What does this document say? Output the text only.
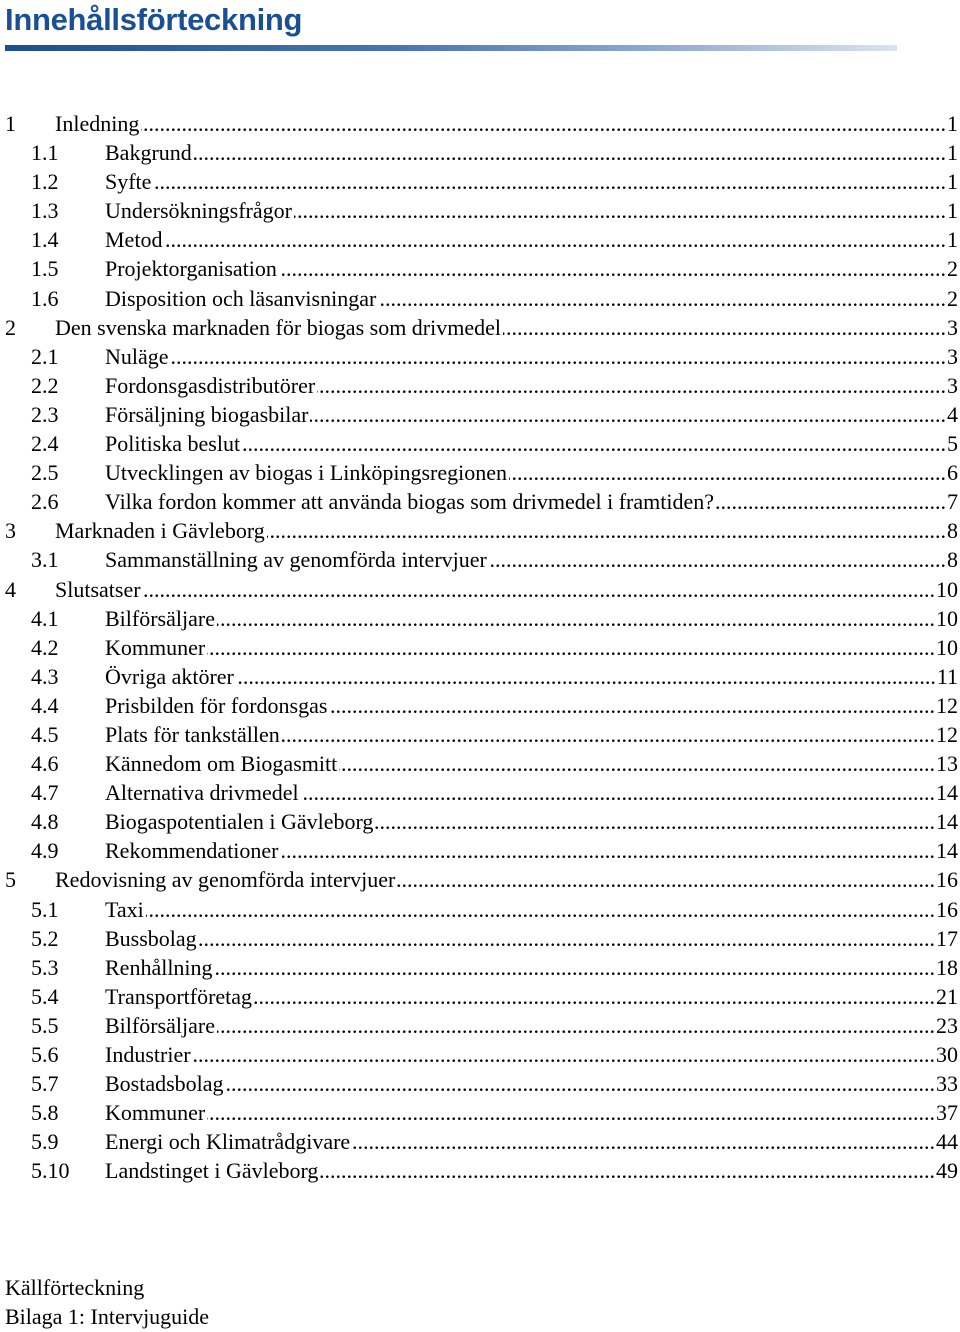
Innehållsförteckning
1 Inledning .....	1
1.1 Bakgrund .....	1
1.2 Syfte .....	1
1.3 Undersökningsfrågor .....	1
1.4 Metod .....	1
1.5 Projektorganisation .....	2
1.6 Disposition och läsanvisningar .....	2
2 Den svenska marknaden för biogas som drivmedel .....	3
2.1 Nuläge .....	3
2.2 Fordonsgasdistributörer .....	3
2.3 Försäljning biogasbilar .....	4
2.4 Politiska beslut .....	5
2.5 Utvecklingen av biogas i Linköpingsregionen .....	6
2.6 Vilka fordon kommer att använda biogas som drivmedel i framtiden? .....	7
3 Marknaden i Gävleborg .....	8
3.1 Sammanställning av genomförda intervjuer .....	8
4 Slutsatser .....	10
4.1 Bilförsäljare .....	10
4.2 Kommuner .....	10
4.3 Övriga aktörer .....	11
4.4 Prisbilden för fordonsgas .....	12
4.5 Plats för tankställen .....	12
4.6 Kännedom om Biogasmitt .....	13
4.7 Alternativa drivmedel .....	14
4.8 Biogaspotentialen i Gävleborg .....	14
4.9 Rekommendationer .....	14
5 Redovisning av genomförda intervjuer .....	16
5.1 Taxi .....	16
5.2 Bussbolag .....	17
5.3 Renhållning .....	18
5.4 Transportföretag .....	21
5.5 Bilförsäljare .....	23
5.6 Industrier .....	30
5.7 Bostadsbolag .....	33
5.8 Kommuner .....	37
5.9 Energi och Klimatrådgivare .....	44
5.10 Landstinget i Gävleborg .....	49
Källförteckning
Bilaga 1: Intervjuguide
